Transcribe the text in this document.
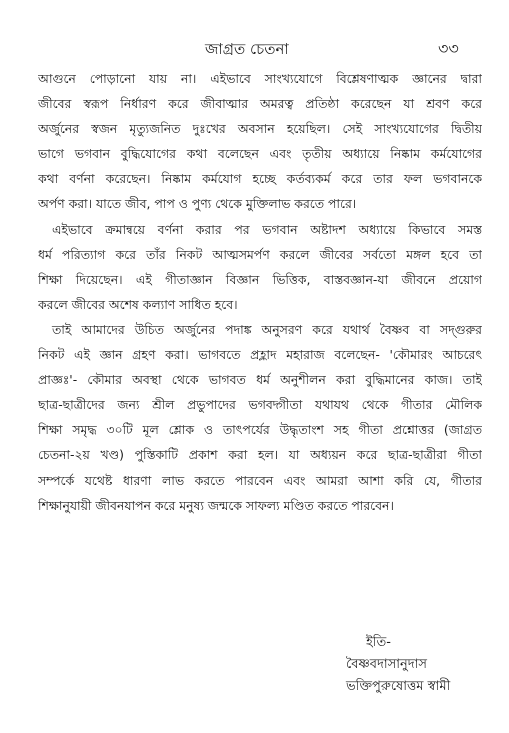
জাগ্রত চেতনা	৩৩
আগুনে পোড়ানো যায় না। এইভাবে সাংখ্যযোগে বিশ্লেষণাত্মক জ্ঞানের দ্বারা
জীবের স্বরূপ নির্ধারণ করে জীবাত্মার অমরত্ব প্রতিষ্ঠা করেছেন যা শ্রবণ করে
অর্জুনের স্বজন মৃত্যুজনিত দুঃখের অবসান হয়েছিল। সেই সাংখ্যযোগের দ্বিতীয়
ভাগে ভগবান বুদ্ধিযোগের কথা বলেছেন এবং তৃতীয় অধ্যায়ে নিষ্কাম কর্মযোগের
কথা বর্ণনা করেছেন। নিষ্কাম কর্মযোগ হচ্ছে কর্তব্যকর্ম করে তার ফল ভগবানকে
অর্পণ করা। যাতে জীব, পাপ ও পুণ্য থেকে মুক্তিলাভ করতে পারে।
এইভাবে ক্রমান্বয়ে বর্ণনা করার পর ভগবান অষ্টাদশ অধ্যায়ে কিভাবে সমস্ত
ধর্ম পরিত্যাগ করে তাঁর নিকট আত্মসমর্পণ করলে জীবের সর্বতো মঙ্গল হবে তা
শিক্ষা দিয়েছেন। এই গীতাজ্ঞান বিজ্ঞান ভিত্তিক, বাস্তবজ্ঞান-যা জীবনে প্রয়োগ
করলে জীবের অশেষ কল্যাণ সাধিত হবে।
তাই আমাদের উচিত অর্জুনের পদাঙ্ক অনুসরণ করে যথার্থ বৈষ্ণব বা সদ্গুরুর
নিকট এই জ্ঞান গ্রহণ করা। ভাগবতে প্রহ্লাদ মহারাজ বলেছেন- 'কৌমারং আচরেৎ
প্রাজ্ঞঃ'- কৌমার অবস্থা থেকে ভাগবত ধর্ম অনুশীলন করা বুদ্ধিমানের কাজ। তাই
ছাত্র-ছাত্রীদের জন্য শ্রীল প্রভুপাদের ভগবদ্গীতা যথাযথ থেকে গীতার মৌলিক
শিক্ষা সমৃদ্ধ ৩০টি মূল শ্লোক ও তাৎপর্যের উদ্ধৃতাংশ সহ গীতা প্রশ্নোত্তর (জাগ্রত
চেতনা-২য় খণ্ড) পুস্তিকাটি প্রকাশ করা হল। যা অধ্যয়ন করে ছাত্র-ছাত্রীরা গীতা
সম্পর্কে যথেষ্ট ধারণা লাভ করতে পারবেন এবং আমরা আশা করি যে, গীতার
শিক্ষানুযায়ী জীবনযাপন করে মনুষ্য জন্মকে সাফল্য মণ্ডিত করতে পারবেন।
ইতি-
বৈষ্ণবদাসানুদাস
ভক্তিপুরুষোত্তম স্বামী
